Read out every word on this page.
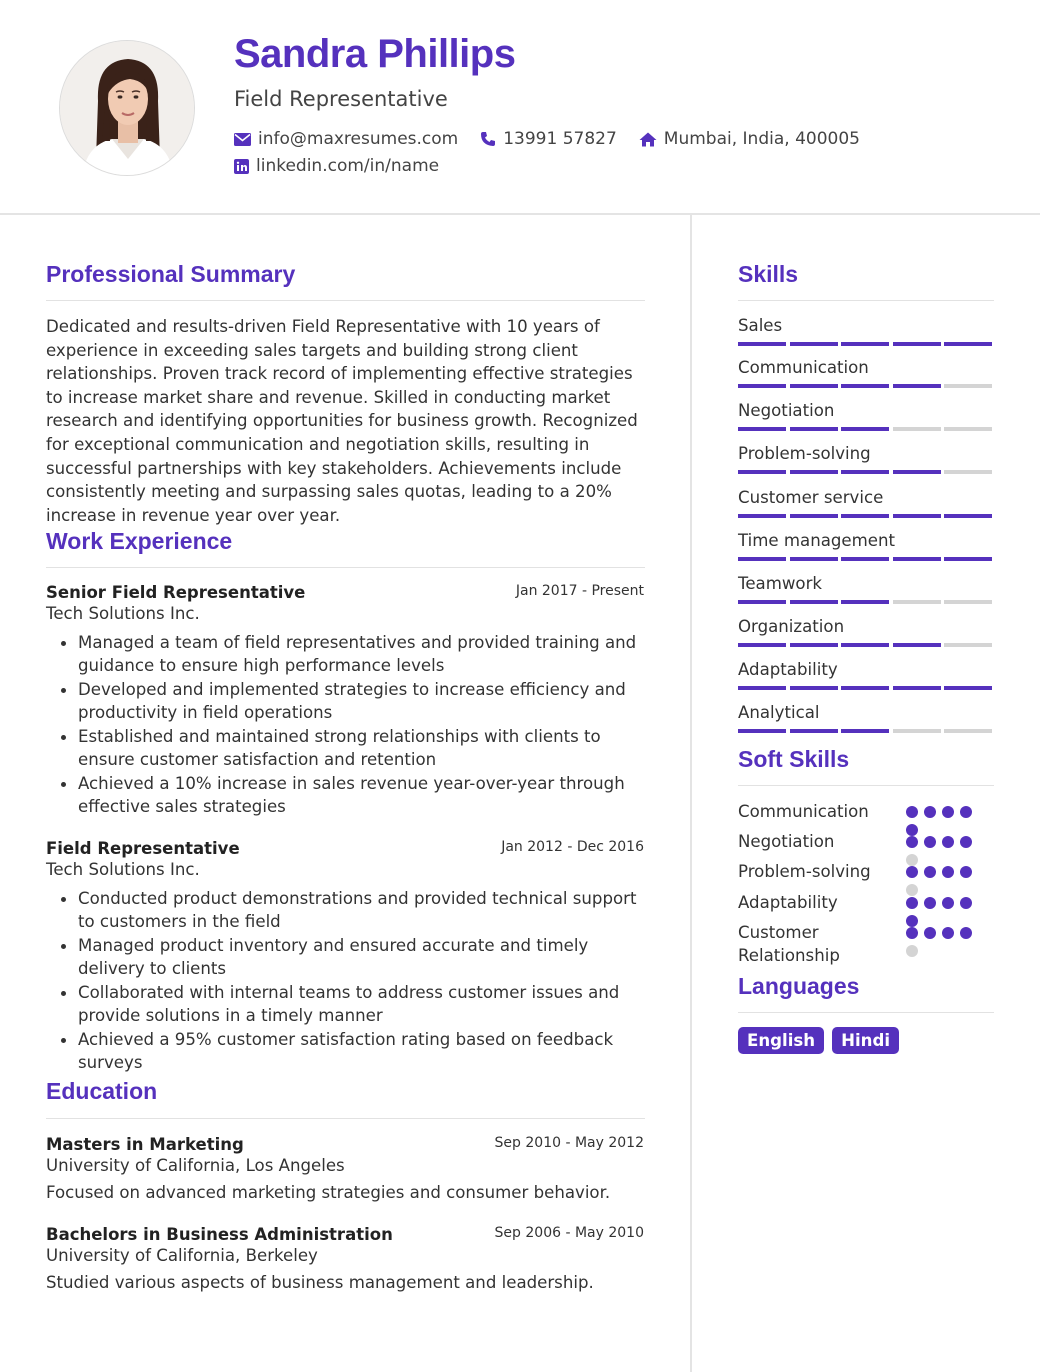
Sandra Phillips
Field Representative
info@maxresumes.com	13991 57827	Mumbai, India, 400005
linkedin.com/in/name
Professional Summary
Dedicated and results-driven Field Representative with 10 years of experience in exceeding sales targets and building strong client relationships. Proven track record of implementing effective strategies to increase market share and revenue. Skilled in conducting market research and identifying opportunities for business growth. Recognized for exceptional communication and negotiation skills, resulting in successful partnerships with key stakeholders. Achievements include consistently meeting and surpassing sales quotas, leading to a 20% increase in revenue year over year.
Work Experience
Senior Field Representative	Jan 2017 - Present
Tech Solutions Inc.
Managed a team of field representatives and provided training and guidance to ensure high performance levels
Developed and implemented strategies to increase efficiency and productivity in field operations
Established and maintained strong relationships with clients to ensure customer satisfaction and retention
Achieved a 10% increase in sales revenue year-over-year through effective sales strategies
Field Representative	Jan 2012 - Dec 2016
Tech Solutions Inc.
Conducted product demonstrations and provided technical support to customers in the field
Managed product inventory and ensured accurate and timely delivery to clients
Collaborated with internal teams to address customer issues and provide solutions in a timely manner
Achieved a 95% customer satisfaction rating based on feedback surveys
Education
Masters in Marketing	Sep 2010 - May 2012
University of California, Los Angeles
Focused on advanced marketing strategies and consumer behavior.
Bachelors in Business Administration	Sep 2006 - May 2010
University of California, Berkeley
Studied various aspects of business management and leadership.
Skills
Sales
Communication
Negotiation
Problem-solving
Customer service
Time management
Teamwork
Organization
Adaptability
Analytical
Soft Skills
Communication
Negotiation
Problem-solving
Adaptability
Customer Relationship
Languages
English	Hindi
